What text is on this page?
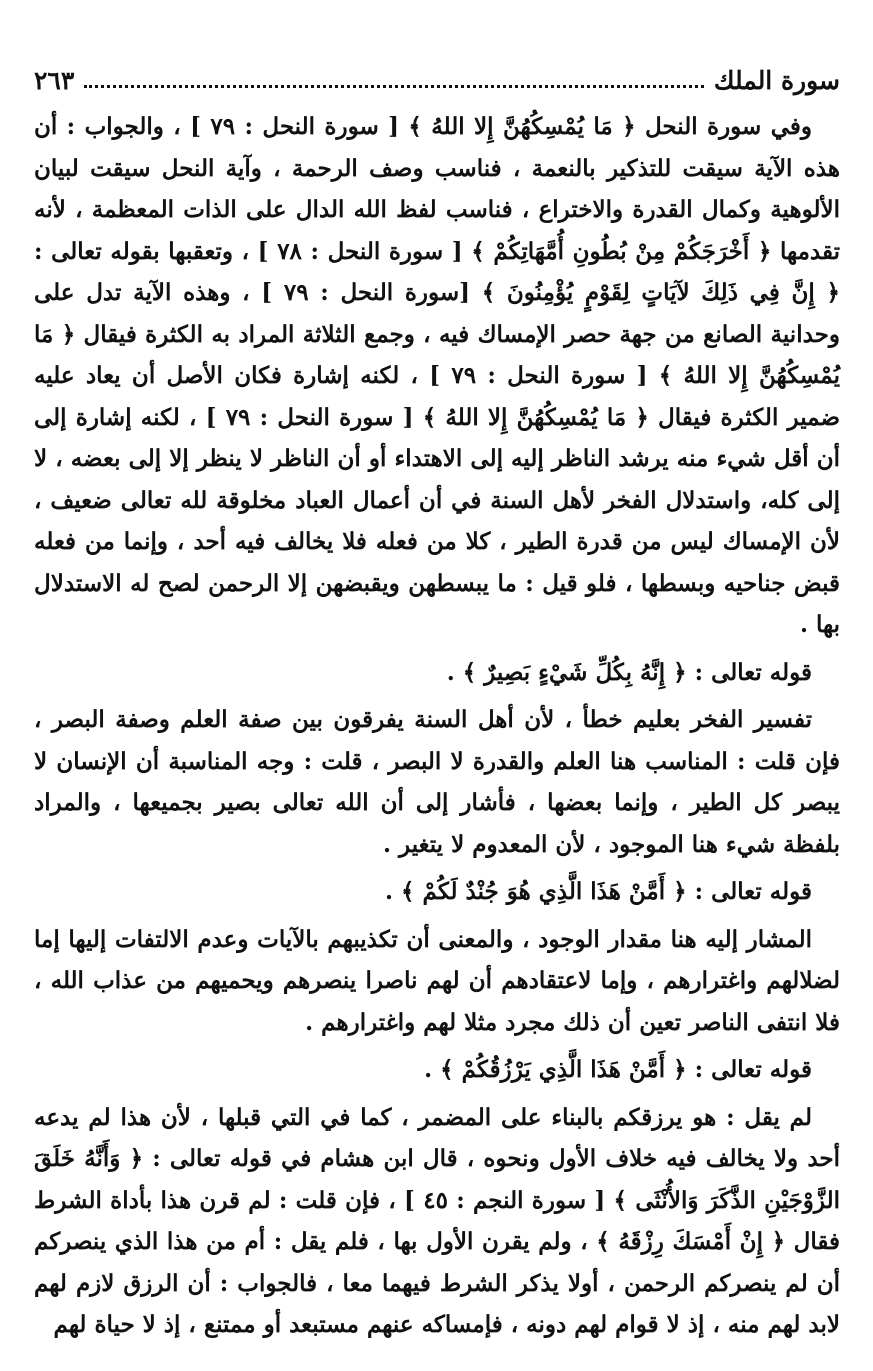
سورة الملك
٢٦٣

وفي سورة النحل ﴿ مَا يُمْسِكُهُنَّ إِلا اللهُ ﴾ [ سورة النحل : ٧٩ ] ، والجواب : أن هذه الآية سيقت للتذكير بالنعمة ، فناسب وصف الرحمة ، وآية النحل سيقت لبيان الألوهية وكمال القدرة والاختراع ، فناسب لفظ الله الدال على الذات المعظمة ، لأنه تقدمها ﴿ أَخْرَجَكُمْ مِنْ بُطُونِ أُمَّهَاتِكُمْ ﴾ [ سورة النحل : ٧٨ ] ، وتعقبها بقوله تعالى : ﴿ إِنَّ فِي ذَلِكَ لآيَاتٍ لِقَوْمٍ يُؤْمِنُونَ ﴾ [سورة النحل : ٧٩ ] ، وهذه الآية تدل على وحدانية الصانع من جهة حصر الإمساك فيه ، وجمع الثلاثة المراد به الكثرة فيقال ﴿ مَا يُمْسِكُهُنَّ إِلا اللهُ ﴾ [ سورة النحل : ٧٩ ] ، لكنه إشارة فكان الأصل أن يعاد عليه ضمير الكثرة فيقال ﴿ مَا يُمْسِكُهُنَّ إِلا اللهُ ﴾ [ سورة النحل : ٧٩ ] ، لكنه إشارة إلى أن أقل شيء منه يرشد الناظر إليه إلى الاهتداء أو أن الناظر لا ينظر إلا إلى بعضه ، لا إلى كله، واستدلال الفخر لأهل السنة في أن أعمال العباد مخلوقة لله تعالى ضعيف ، لأن الإمساك ليس من قدرة الطير ، كلا من فعله فلا يخالف فيه أحد ، وإنما من فعله قبض جناحيه وبسطها ، فلو قيل : ما يبسطهن ويقبضهن إلا الرحمن لصح له الاستدلال بها .

قوله تعالى : ﴿ إِنَّهُ بِكُلِّ شَيْءٍ بَصِيرٌ ﴾ .

تفسير الفخر بعليم خطأ ، لأن أهل السنة يفرقون بين صفة العلم وصفة البصر ، فإن قلت : المناسب هنا العلم والقدرة لا البصر ، قلت : وجه المناسبة أن الإنسان لا يبصر كل الطير ، وإنما بعضها ، فأشار إلى أن الله تعالى بصير بجميعها ، والمراد بلفظة شيء هنا الموجود ، لأن المعدوم لا يتغير .

قوله تعالى : ﴿ أَمَّنْ هَذَا الَّذِي هُوَ جُنْدٌ لَكُمْ ﴾ .

المشار إليه هنا مقدار الوجود ، والمعنى أن تكذيبهم بالآيات وعدم الالتفات إليها إما لضلالهم واغترارهم ، وإما لاعتقادهم أن لهم ناصرا ينصرهم ويحميهم من عذاب الله ، فلا انتفى الناصر تعين أن ذلك مجرد مثلا لهم واغترارهم .

قوله تعالى : ﴿ أَمَّنْ هَذَا الَّذِي يَرْزُقُكُمْ ﴾ .

لم يقل : هو يرزقكم بالبناء على المضمر ، كما في التي قبلها ، لأن هذا لم يدعه أحد ولا يخالف فيه خلاف الأول ونحوه ، قال ابن هشام في قوله تعالى : ﴿ وَأَنَّهُ خَلَقَ الزَّوْجَيْنِ الذَّكَرَ وَالأُنْثَى ﴾ [ سورة النجم : ٤٥ ] ، فإن قلت : لم قرن هذا بأداة الشرط فقال ﴿ إِنْ أَمْسَكَ رِزْقَهُ ﴾ ، ولم يقرن الأول بها ، فلم يقل : أم من هذا الذي ينصركم أن لم ينصركم الرحمن ، أولا يذكر الشرط فيهما معا ، فالجواب : أن الرزق لازم لهم لابد لهم منه ، إذ لا قوام لهم دونه ، فإمساكه عنهم مستبعد أو ممتنع ، إذ لا حياة لهم
